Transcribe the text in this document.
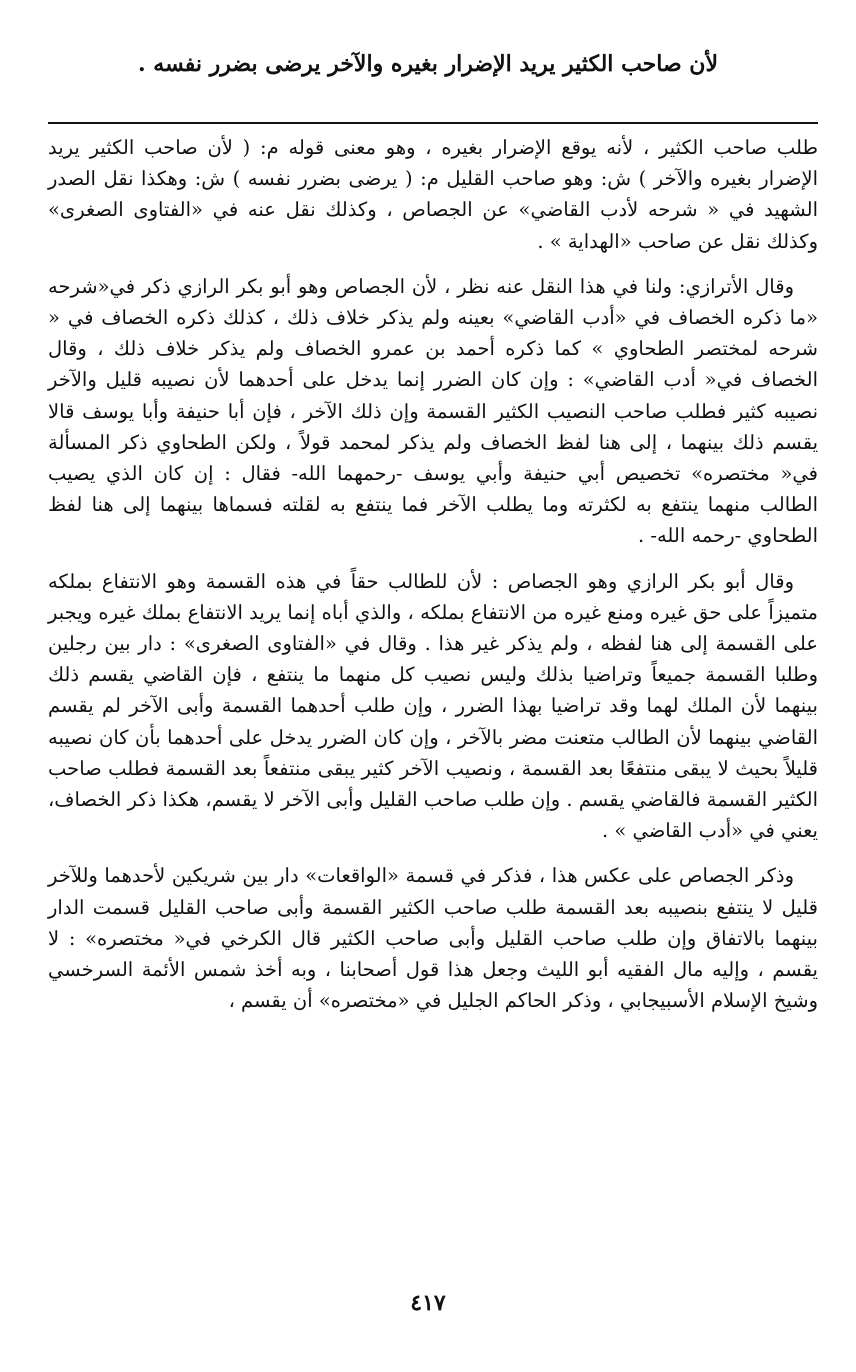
لأن صاحب الكثير يريد الإضرار بغيره والآخر يرضى بضرر نفسه .

طلب صاحب الكثير ، لأنه يوقع الإضرار بغيره ، وهو معنى قوله م: ( لأن صاحب الكثير يريد الإضرار بغيره والآخر ) ش: وهو صاحب القليل م: ( يرضى بضرر نفسه ) ش: وهكذا نقل الصدر الشهيد في « شرحه لأدب القاضي» عن الجصاص ، وكذلك نقل عنه في «الفتاوى الصغرى» وكذلك نقل عن صاحب «الهداية » .

وقال الأترازي: ولنا في هذا النقل عنه نظر ، لأن الجصاص وهو أبو بكر الرازي ذكر في«شرحه «ما ذكره الخصاف في «أدب القاضي» بعينه ولم يذكر خلاف ذلك ، كذلك ذكره الخصاف في « شرحه لمختصر الطحاوي » كما ذكره أحمد بن عمرو الخصاف ولم يذكر خلاف ذلك ، وقال الخصاف في« أدب القاضي» : وإن كان الضرر إنما يدخل على أحدهما لأن نصيبه قليل والآخر نصيبه كثير فطلب صاحب النصيب الكثير القسمة وإن ذلك الآخر ، فإن أبا حنيفة وأبا يوسف قالا يقسم ذلك بينهما ، إلى هنا لفظ الخصاف ولم يذكر لمحمد قولاً ، ولكن الطحاوي ذكر المسألة في« مختصره» تخصيص أبي حنيفة وأبي يوسف -رحمهما الله- فقال : إن كان الذي يصيب الطالب منهما ينتفع به لكثرته وما يطلب الآخر فما ينتفع به لقلته فسماها بينهما إلى هنا لفظ الطحاوي -رحمه الله- .

وقال أبو بكر الرازي وهو الجصاص : لأن للطالب حقاً في هذه القسمة وهو الانتفاع بملكه متميزاً على حق غيره ومنع غيره من الانتفاع بملكه ، والذي أباه إنما يريد الانتفاع بملك غيره ويجبر على القسمة إلى هنا لفظه ، ولم يذكر غير هذا . وقال في «الفتاوى الصغرى» : دار بين رجلين وطلبا القسمة جميعاً وتراضيا بذلك وليس نصيب كل منهما ما ينتفع ، فإن القاضي يقسم ذلك بينهما لأن الملك لهما وقد تراضيا بهذا الضرر ، وإن طلب أحدهما القسمة وأبى الآخر لم يقسم القاضي بينهما لأن الطالب متعنت مضر بالآخر ، وإن كان الضرر يدخل على أحدهما بأن كان نصيبه قليلاً بحيث لا يبقى منتفعًا بعد القسمة ، ونصيب الآخر كثير يبقى منتفعاً بعد القسمة فطلب صاحب الكثير القسمة فالقاضي يقسم . وإن طلب صاحب القليل وأبى الآخر لا يقسم، هكذا ذكر الخصاف، يعني في «أدب القاضي » .

وذكر الجصاص على عكس هذا ، فذكر في قسمة «الواقعات» دار بين شريكين لأحدهما وللآخر قليل لا ينتفع بنصيبه بعد القسمة طلب صاحب الكثير القسمة وأبى صاحب القليل قسمت الدار بينهما بالاتفاق وإن طلب صاحب القليل وأبى صاحب الكثير قال الكرخي في« مختصره» : لا يقسم ، وإليه مال الفقيه أبو الليث وجعل هذا قول أصحابنا ، وبه أخذ شمس الأئمة السرخسي وشيخ الإسلام الأسبيجابي ، وذكر الحاكم الجليل في «مختصره» أن يقسم ،

٤١٧
